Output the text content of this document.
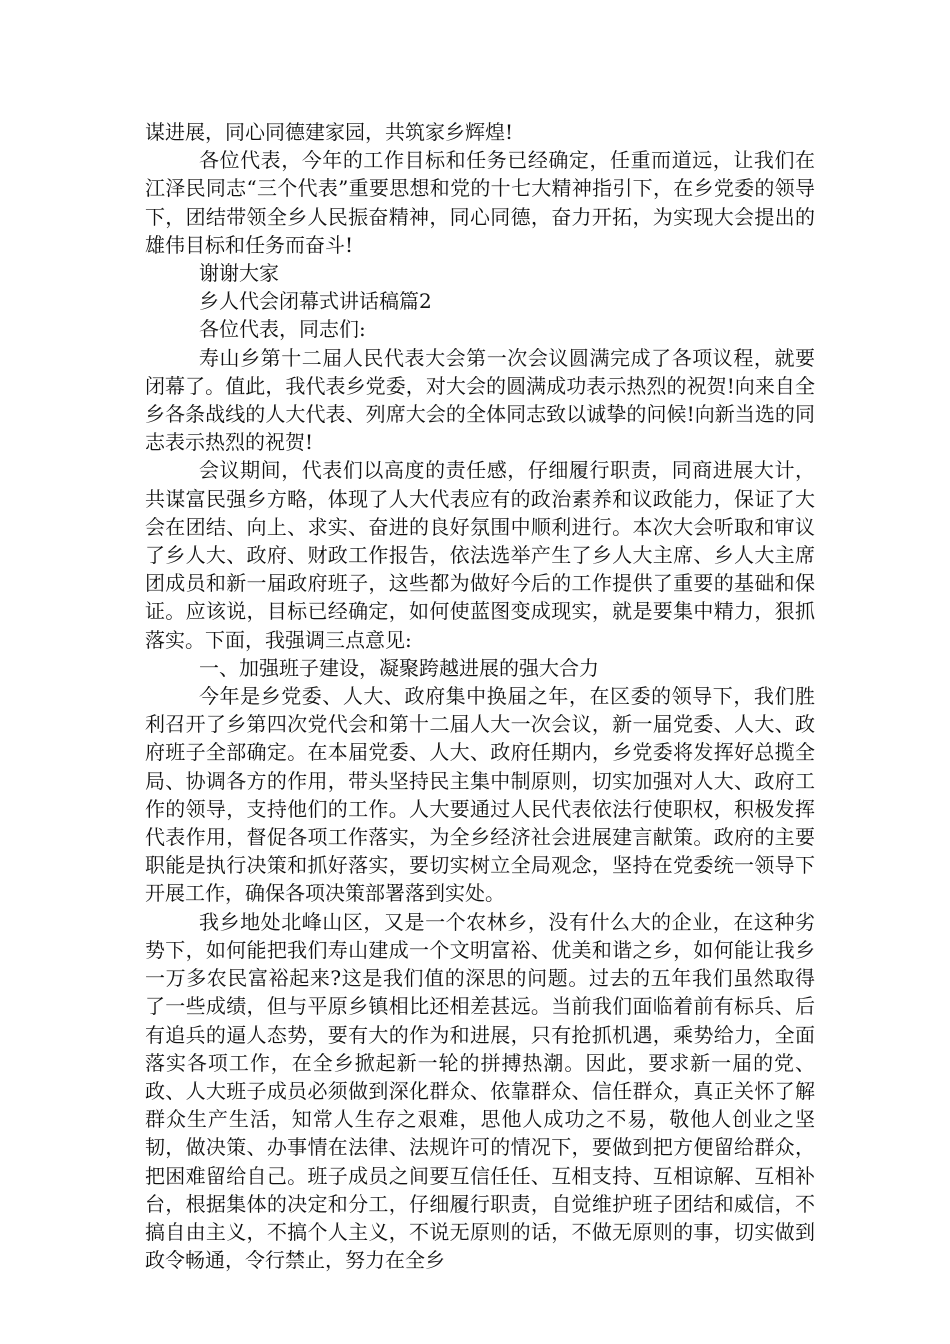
谋进展，同心同德建家园，共筑家乡辉煌!

各位代表，今年的工作目标和任务已经确定，任重而道远，让我们在江泽民同志“三个代表”重要思想和党的十七大精神指引下，在乡党委的领导下，团结带领全乡人民振奋精神，同心同德，奋力开拓，为实现大会提出的雄伟目标和任务而奋斗!

谢谢大家

乡人代会闭幕式讲话稿篇2

各位代表，同志们:

寿山乡第十二届人民代表大会第一次会议圆满完成了各项议程，就要闭幕了。值此，我代表乡党委，对大会的圆满成功表示热烈的祝贺!向来自全乡各条战线的人大代表、列席大会的全体同志致以诚挚的问候!向新当选的同志表示热烈的祝贺!

会议期间，代表们以高度的责任感，仔细履行职责，同商进展大计，共谋富民强乡方略，体现了人大代表应有的政治素养和议政能力，保证了大会在团结、向上、求实、奋进的良好氛围中顺利进行。本次大会听取和审议了乡人大、政府、财政工作报告，依法选举产生了乡人大主席、乡人大主席团成员和新一届政府班子，这些都为做好今后的工作提供了重要的基础和保证。应该说，目标已经确定，如何使蓝图变成现实，就是要集中精力，狠抓落实。下面，我强调三点意见:

一、加强班子建设，凝聚跨越进展的强大合力

今年是乡党委、人大、政府集中换届之年，在区委的领导下，我们胜利召开了乡第四次党代会和第十二届人大一次会议，新一届党委、人大、政府班子全部确定。在本届党委、人大、政府任期内，乡党委将发挥好总揽全局、协调各方的作用，带头坚持民主集中制原则，切实加强对人大、政府工作的领导，支持他们的工作。人大要通过人民代表依法行使职权，积极发挥代表作用，督促各项工作落实，为全乡经济社会进展建言献策。政府的主要职能是执行决策和抓好落实，要切实树立全局观念，坚持在党委统一领导下开展工作，确保各项决策部署落到实处。

我乡地处北峰山区，又是一个农林乡，没有什么大的企业，在这种劣势下，如何能把我们寿山建成一个文明富裕、优美和谐之乡，如何能让我乡一万多农民富裕起来?这是我们值的深思的问题。过去的五年我们虽然取得了一些成绩，但与平原乡镇相比还相差甚远。当前我们面临着前有标兵、后有追兵的逼人态势，要有大的作为和进展，只有抢抓机遇，乘势给力，全面落实各项工作，在全乡掀起新一轮的拼搏热潮。因此，要求新一届的党、政、人大班子成员必须做到深化群众、依靠群众、信任群众，真正关怀了解群众生产生活，知常人生存之艰难，思他人成功之不易，敬他人创业之坚韧，做决策、办事情在法律、法规许可的情况下，要做到把方便留给群众，把困难留给自己。班子成员之间要互信任任、互相支持、互相谅解、互相补台，根据集体的决定和分工，仔细履行职责，自觉维护班子团结和威信，不搞自由主义，不搞个人主义，不说无原则的话，不做无原则的事，切实做到政令畅通，令行禁止，努力在全乡
